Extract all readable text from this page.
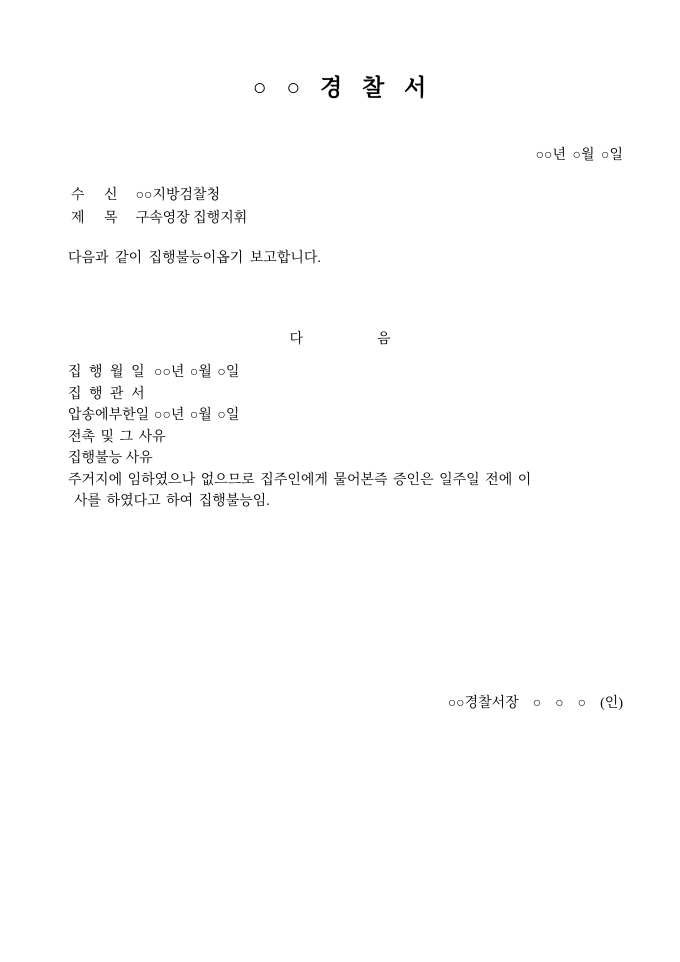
○ ○ 경 찰 서
○○년 ○월 ○일

수 신 ○○지방검찰청

제 목 구속영장 집행지휘

다음과 같이 집행불능이옵기 보고합니다.
다	음
집 행 월 일 ○○년 ○월 ○일
집 행 관 서
압송에부한일 ○○년 ○월 ○일
전촉 및 그 사유
집행불능 사유주거지에 임하였으나 없으므로 집주인에게 물어본즉 증인은 일주일 전에 이사를 하였다고 하여 집행불능임.
○○경찰서장 ○ ○ ○ (인)
